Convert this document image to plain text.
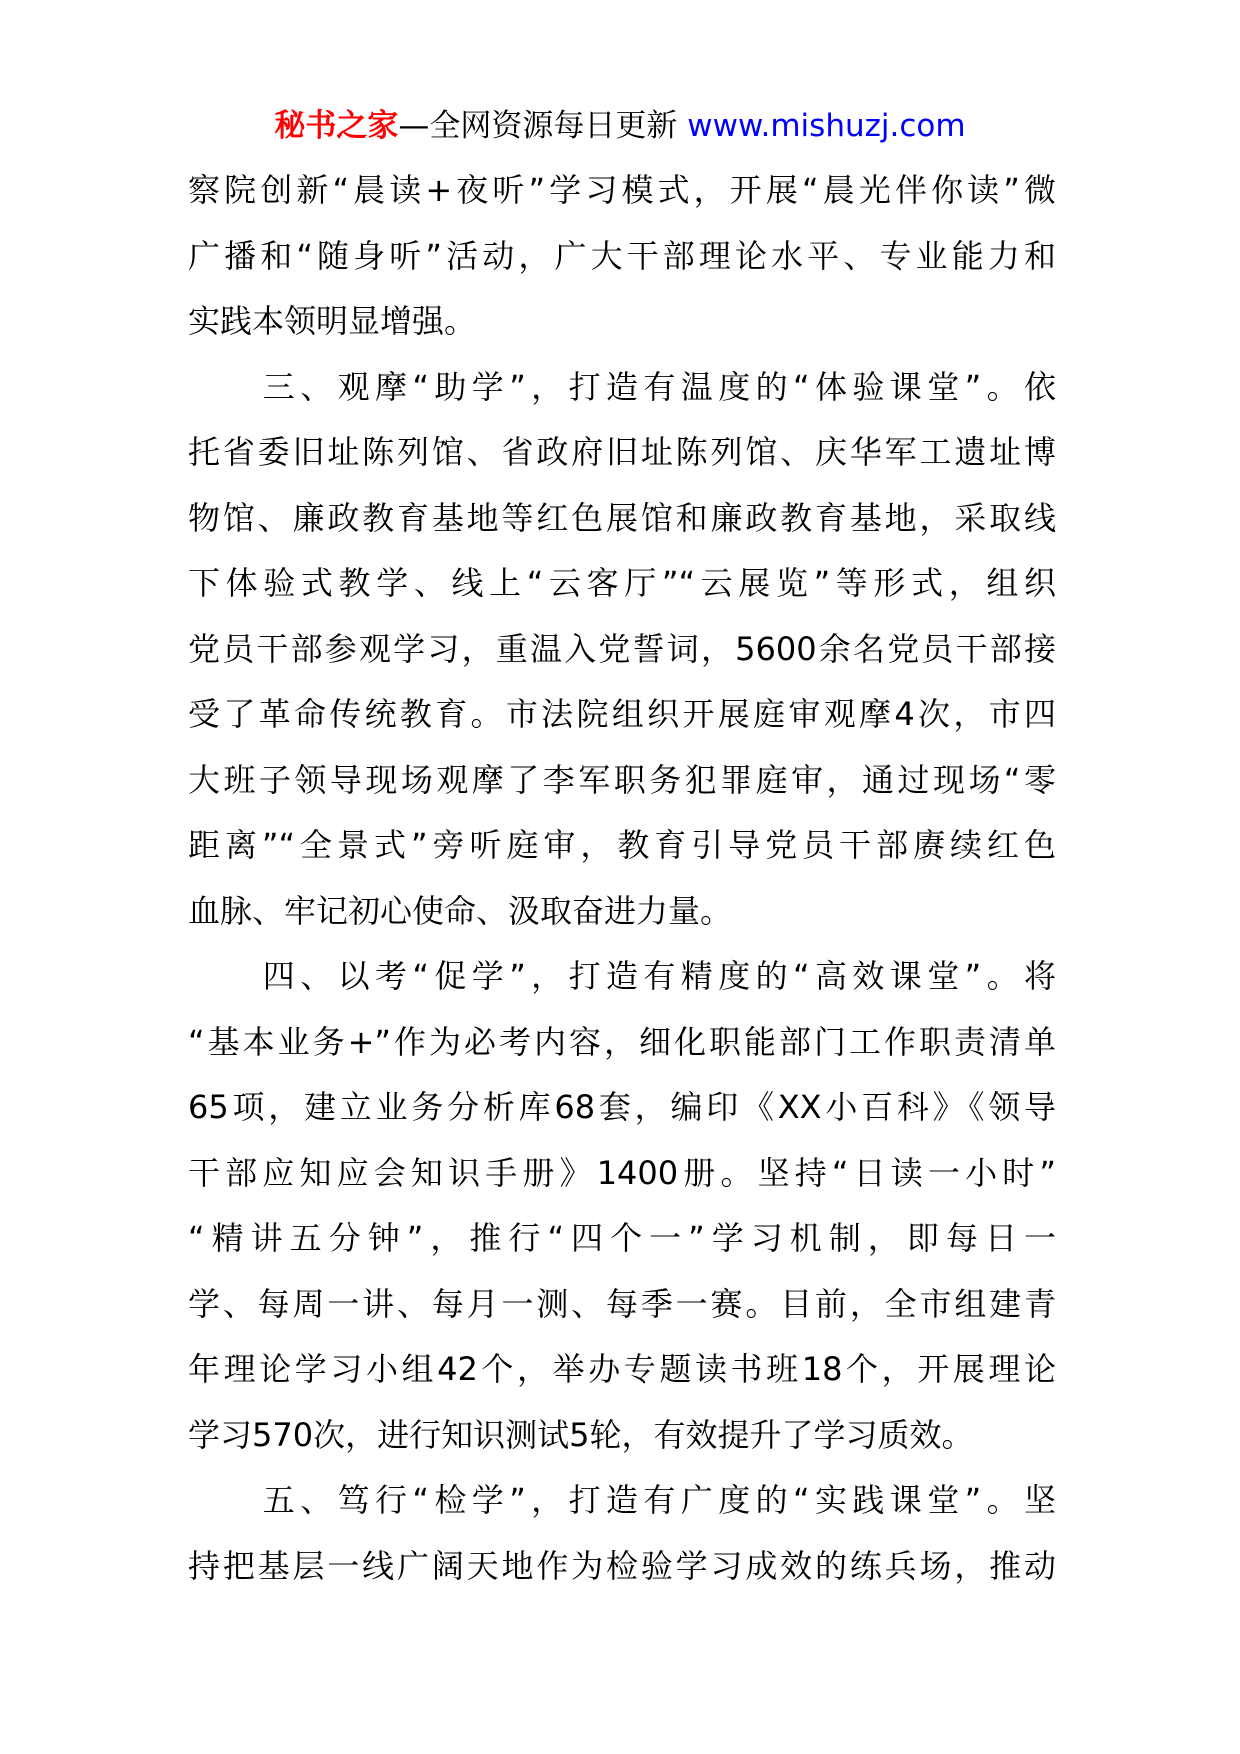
秘书之家—全网资源每日更新 www.mishuzj.com
察院创新“晨读+夜听”学习模式，开展“晨光伴你读”微
广播和“随身听”活动，广大干部理论水平、专业能力和
实践本领明显增强。
　　三、观摩“助学”，打造有温度的“体验课堂”。依
托省委旧址陈列馆、省政府旧址陈列馆、庆华军工遗址博
物馆、廉政教育基地等红色展馆和廉政教育基地，采取线
下体验式教学、线上“云客厅”“云展览”等形式，组织
党员干部参观学习，重温入党誓词，5600余名党员干部接
受了革命传统教育。市法院组织开展庭审观摩4次，市四
大班子领导现场观摩了李军职务犯罪庭审，通过现场“零
距离”“全景式”旁听庭审，教育引导党员干部赓续红色
血脉、牢记初心使命、汲取奋进力量。
　　四、以考“促学”，打造有精度的“高效课堂”。将
“基本业务+”作为必考内容，细化职能部门工作职责清单
65项，建立业务分析库68套，编印《XX小百科》《领导
干部应知应会知识手册》1400册。坚持“日读一小时”
“精讲五分钟”，推行“四个一”学习机制，即每日一
学、每周一讲、每月一测、每季一赛。目前，全市组建青
年理论学习小组42个，举办专题读书班18个，开展理论
学习570次，进行知识测试5轮，有效提升了学习质效。
　　五、笃行“检学”，打造有广度的“实践课堂”。坚
持把基层一线广阔天地作为检验学习成效的练兵场，推动
